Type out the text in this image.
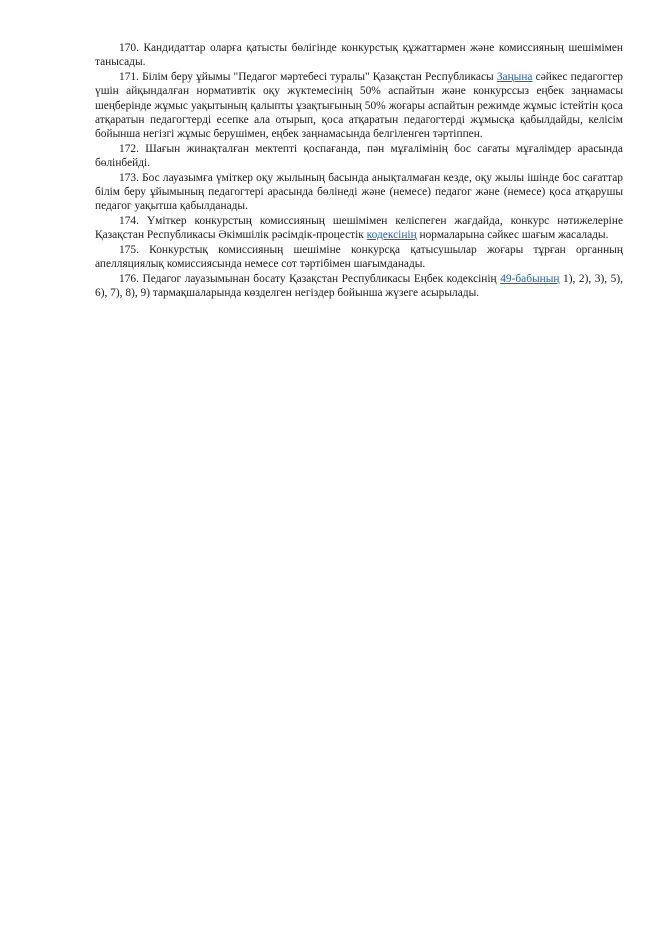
170. Кандидаттар оларға қатысты бөлігінде конкурстық құжаттармен және комиссияның шешімімен танысады.

171. Білім беру ұйымы "Педагог мәртебесі туралы" Қазақстан Республикасы Заңына сәйкес педагогтер үшін айқындалған нормативтік оқу жүктемесінің 50% аспайтын және конкурссыз еңбек заңнамасы шеңберінде жұмыс уақытының қалыпты ұзақтығының 50% жоғары аспайтын режимде жұмыс істейтін қоса атқаратын педагогтерді есепке ала отырып, қоса атқаратын педагогтерді жұмысқа қабылдайды, келісім бойынша негізгі жұмыс берушімен, еңбек заңнамасында белгіленген тәртіппен.

172. Шағын жинақталған мектепті қоспағанда, пән мұғалімінің бос сағаты мұғалімдер арасында бөлінбейді.

173. Бос лауазымға үміткер оқу жылының басында анықталмаған кезде, оқу жылы ішінде бос сағаттар білім беру ұйымының педагогтері арасында бөлінеді және (немесе) педагог және (немесе) қоса атқарушы педагог уақытша қабылданады.

174. Үміткер конкурстың комиссияның шешімімен келіспеген жағдайда, конкурс нәтижелеріне Қазақстан Республикасы Әкімшілік рәсімдік-процестік кодексінің нормаларына сәйкес шағым жасалады.

175. Конкурстық комиссияның шешіміне конкурсқа қатысушылар жоғары тұрған органның апелляциялық комиссиясында немесе сот тәртібімен шағымданады.

176. Педагог лауазымынан босату Қазақстан Республикасы Еңбек кодексінің 49-бабының 1), 2), 3), 5), 6), 7), 8), 9) тармақшаларында көзделген негіздер бойынша жүзеге асырылады.
